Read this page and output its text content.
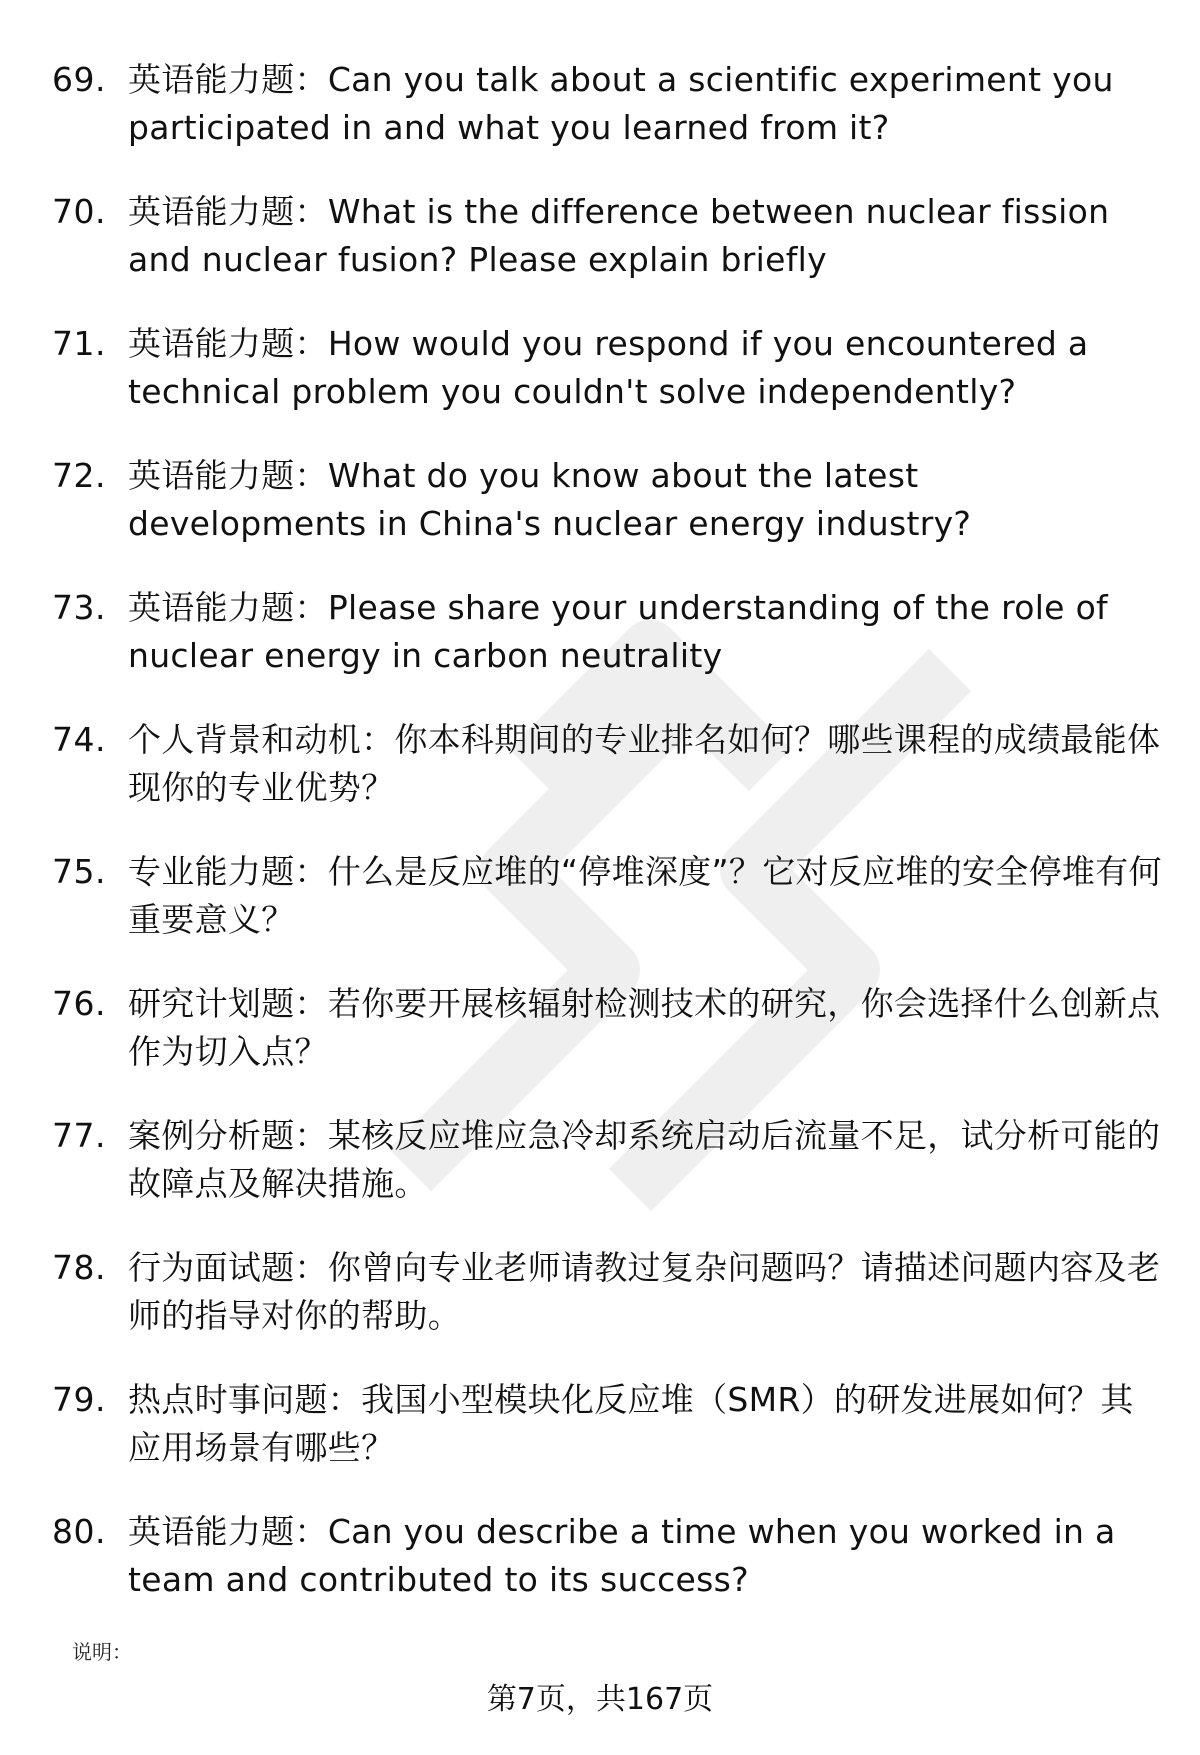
69. 英语能力题：Can you talk about a scientific experiment you participated in and what you learned from it?
70. 英语能力题：What is the difference between nuclear fission and nuclear fusion? Please explain briefly
71. 英语能力题：How would you respond if you encountered a technical problem you couldn't solve independently?
72. 英语能力题：What do you know about the latest developments in China's nuclear energy industry?
73. 英语能力题：Please share your understanding of the role of nuclear energy in carbon neutrality
74. 个人背景和动机：你本科期间的专业排名如何？哪些课程的成绩最能体现你的专业优势？
75. 专业能力题：什么是反应堆的“停堆深度”？它对反应堆的安全停堆有何重要意义？
76. 研究计划题：若你要开展核辐射检测技术的研究，你会选择什么创新点作为切入点？
77. 案例分析题：某核反应堆应急冷却系统启动后流量不足，试分析可能的故障点及解决措施。
78. 行为面试题：你曾向专业老师请教过复杂问题吗？请描述问题内容及老师的指导对你的帮助。
79. 热点时事问题：我国小型模块化反应堆（SMR）的研发进展如何？其应用场景有哪些？
80. 英语能力题：Can you describe a time when you worked in a team and contributed to its success?
说明：
第7页，共167页
